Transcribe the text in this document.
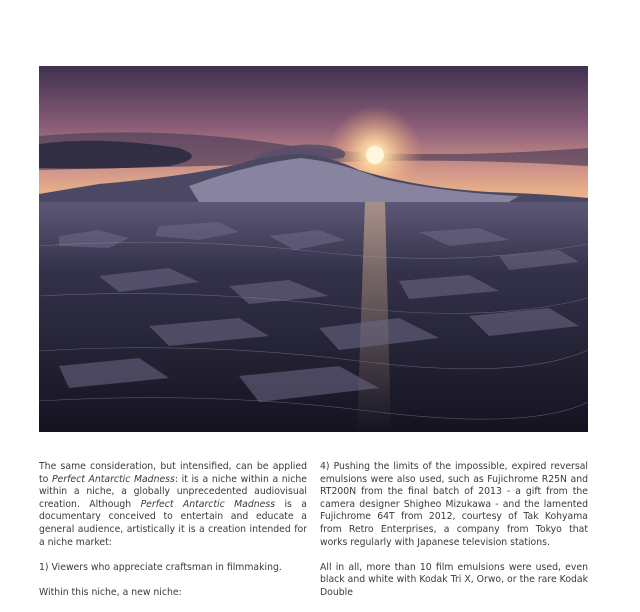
The same consideration, but intensified, can be applied to Perfect Antarctic Madness: it is a niche within a niche within a niche, a globally unprecedented audiovisual creation. Although Perfect Antarctic Madness is a documentary conceived to entertain and educate a general audience, artistically it is a creation intended for a niche market:

1) Viewers who appreciate craftsman in filmmaking.

Within this niche, a new niche:

4) Pushing the limits of the impossible, expired reversal emulsions were also used, such as Fujichrome R25N and RT200N from the final batch of 2013 - a gift from the camera designer Shigheo Mizukawa - and the lamented Fujichrome 64T from 2012, courtesy of Tak Kohyama from Retro Enterprises, a company from Tokyo that works regularly with Japanese television stations.

All in all, more than 10 film emulsions were used, even black and white with Kodak Tri X, Orwo, or the rare Kodak Double
